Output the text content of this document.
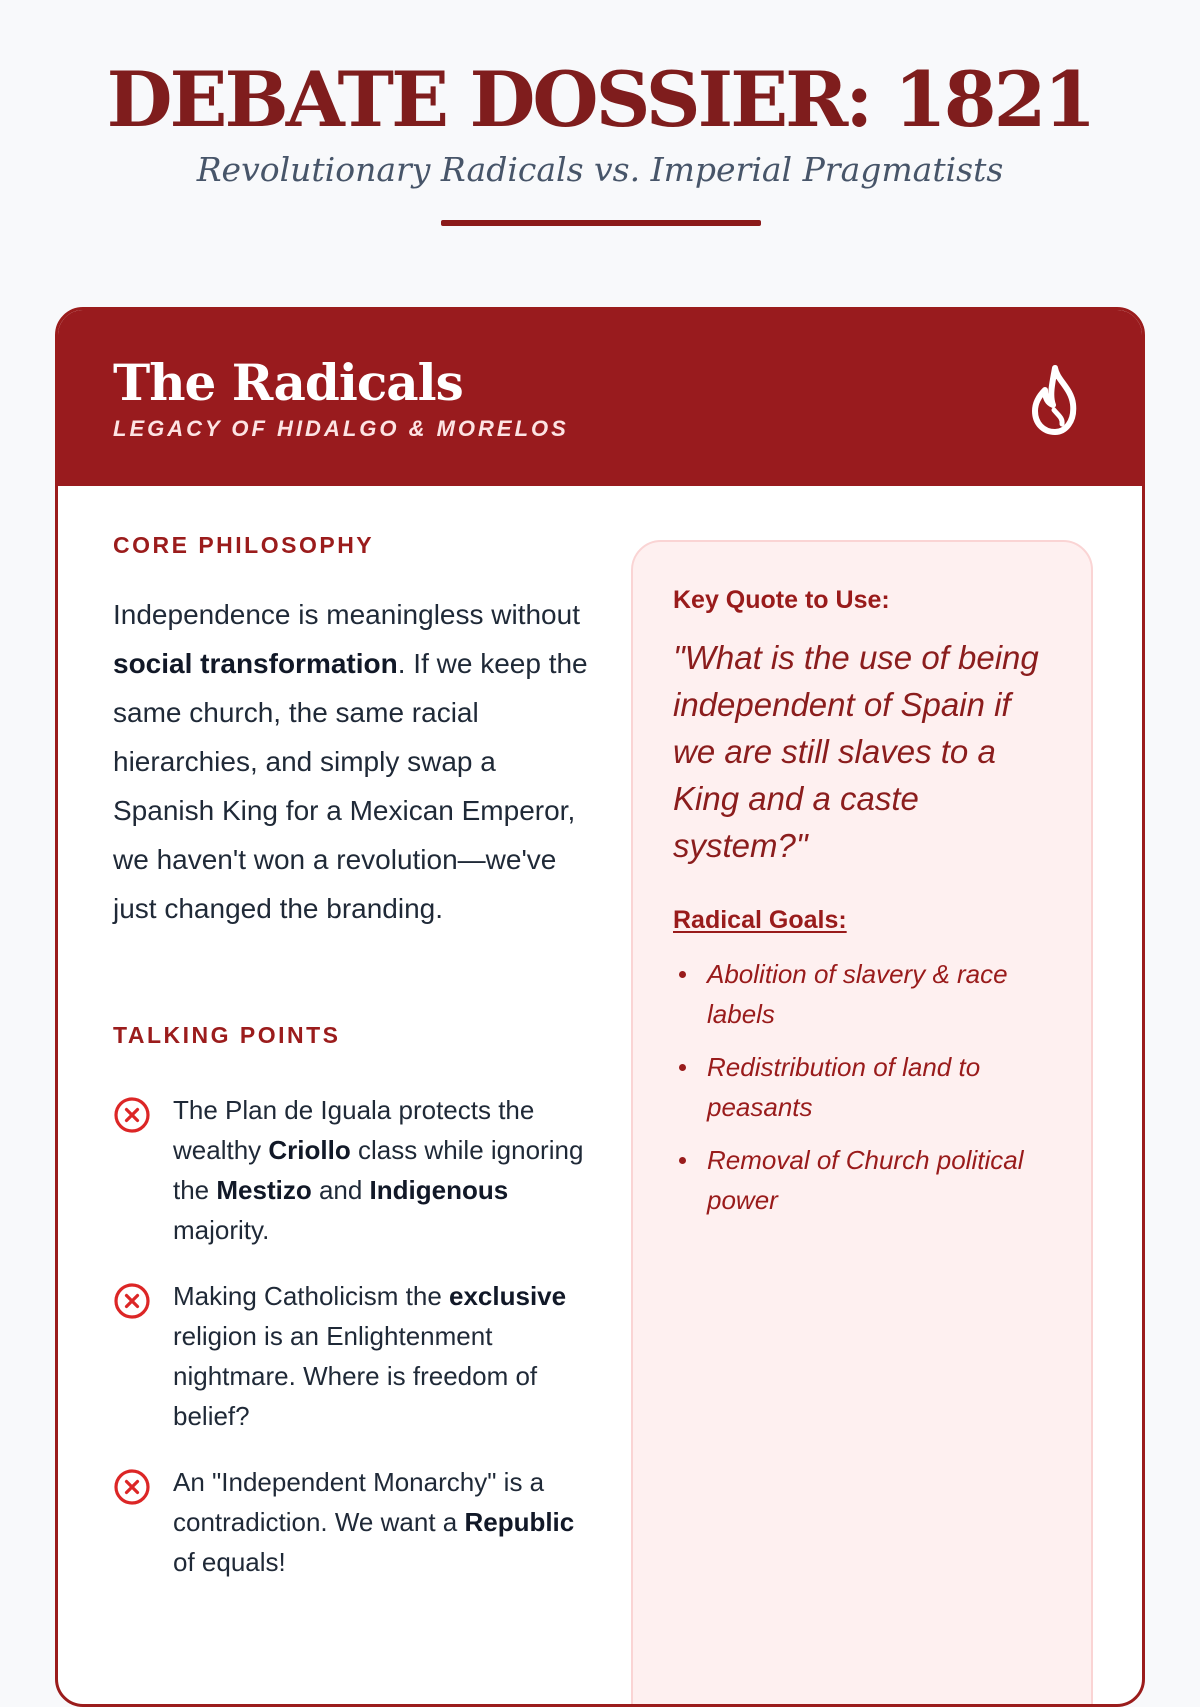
DEBATE DOSSIER: 1821
Revolutionary Radicals vs. Imperial Pragmatists
The Radicals
LEGACY OF HIDALGO & MORELOS
CORE PHILOSOPHY
Independence is meaningless without social transformation. If we keep the same church, the same racial hierarchies, and simply swap a Spanish King for a Mexican Emperor, we haven't won a revolution—we've just changed the branding.
TALKING POINTS
The Plan de Iguala protects the wealthy Criollo class while ignoring the Mestizo and Indigenous majority.
Making Catholicism the exclusive religion is an Enlightenment nightmare. Where is freedom of belief?
An "Independent Monarchy" is a contradiction. We want a Republic of equals!
Key Quote to Use:
"What is the use of being independent of Spain if we are still slaves to a King and a caste system?"
Radical Goals:
Abolition of slavery & race labels
Redistribution of land to peasants
Removal of Church political power
